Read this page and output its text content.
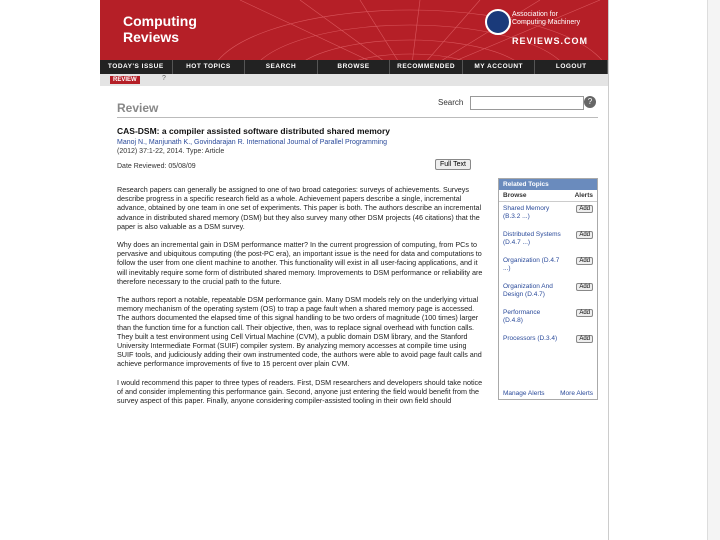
Computing
Reviews
Association for
Computing Machinery
REVIEWS.COM
TODAY'S ISSUE	HOT TOPICS	SEARCH	BROWSE	RECOMMENDED	MY ACCOUNT	LOGOUT
REVIEW	?
Review	Search	?
CAS-DSM: a compiler assisted software distributed shared memory
Manoj N., Manjunath K., Govindarajan R. International Journal of Parallel Programming
(2012) 37:1-22, 2014. Type: Article
Date Reviewed: 05/08/09	Full Text

Research papers can generally be assigned to one of two broad categories: surveys of achievements. Surveys describe progress in a specific research field as a whole. Achievement papers describe a single, incremental advance, obtained by one team in one set of experiments. This paper is both. The authors describe an incremental advance in distributed shared memory (DSM) but they also survey many other DSM projects (46 citations) that the paper is also valuable as a DSM survey.

Why does an incremental gain in DSM performance matter? In the current progression of computing, from PCs to pervasive and ubiquitous computing (the post-PC era), an important issue is the need for data and computations to follow the user from one client machine to another. This functionality will exist in all user-facing applications, and it will inevitably require some form of distributed shared memory. Improvements to DSM performance or reliability are therefore necessary to the crucial path to the future.

The authors report a notable, repeatable DSM performance gain. Many DSM models rely on the underlying virtual memory mechanism of the operating system (OS) to trap a page fault when a shared memory page is accessed. The authors documented the elapsed time of this signal handling to be two orders of magnitude (100 times) larger than the function time for a function call. Their objective, then, was to replace signal overhead with function calls. They built a test environment using Cell Virtual Machine (CVM), a public domain DSM library, and the Stanford University Intermediate Format (SUIF) compiler system. By analyzing memory accesses at compile time using SUIF tools, and judiciously adding their own instrumented code, the authors were able to avoid page fault calls and achieve performance improvements of five to 15 percent over plain CVM.

I would recommend this paper to three types of readers. First, DSM researchers and developers should take notice of and consider implementing this performance gain. Second, anyone just entering the field would benefit from the survey aspect of this paper. Finally, anyone considering compiler-assisted tooling in their own field should

Related Topics
Browse	Alerts
Shared Memory (B.3.2 ...)
Add
Distributed Systems (D.4.7 ...)
Add
Organization (D.4.7 ...)
Add
Organization And Design (D.4.7)
Add
Performance (D.4.8)
Add
Processors (D.3.4)	Add
Manage Alerts More Alerts
20
